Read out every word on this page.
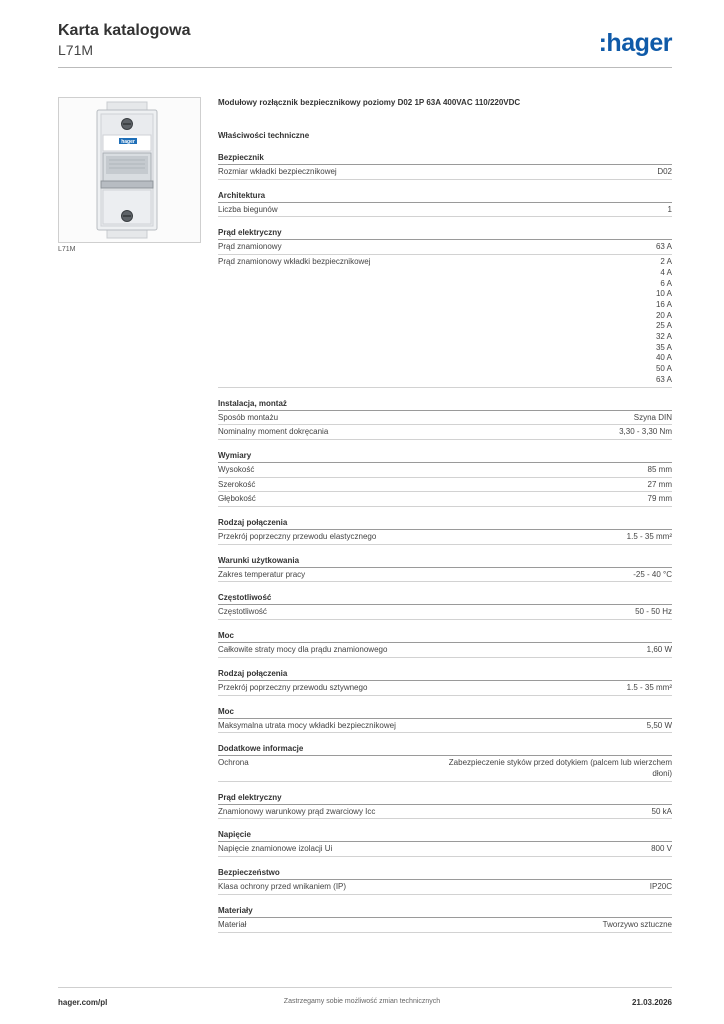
Karta katalogowa
L71M	:hager
hager
L71M
Modułowy rozłącznik bezpiecznikowy poziomy D02 1P 63A 400VAC 110/220VDC
Właściwości techniczne
Bezpiecznik
Rozmiar wkładki bezpiecznikowej	D02
Architektura
Liczba biegunów	1
Prąd elektryczny
Prąd znamionowy	63 A
Prąd znamionowy wkładki bezpiecznikowej	2 A
4 A
6 A
10 A
16 A
20 A
25 A
32 A
35 A
40 A
50 A
63 A
Instalacja, montaż
Sposób montażu	Szyna DIN
Nominalny moment dokręcania	3,30 - 3,30 Nm
Wymiary
Wysokość	85 mm
Szerokość	27 mm
Głębokość	79 mm
Rodzaj połączenia
Przekrój poprzeczny przewodu elastycznego	1.5 - 35 mm²
Warunki użytkowania
Zakres temperatur pracy	-25 - 40 °C
Częstotliwość
Częstotliwość	50 - 50 Hz
Moc
Całkowite straty mocy dla prądu znamionowego	1,60 W
Rodzaj połączenia
Przekrój poprzeczny przewodu sztywnego	1.5 - 35 mm²
Moc
Maksymalna utrata mocy wkładki bezpiecznikowej	5,50 W
Dodatkowe informacje
Ochrona	Zabezpieczenie styków przed dotykiem (palcem lub wierzchem dłoni)
Prąd elektryczny
Znamionowy warunkowy prąd zwarciowy Icc	50 kA
Napięcie
Napięcie znamionowe izolacji Ui	800 V
Bezpieczeństwo
Klasa ochrony przed wnikaniem (IP)	IP20C
Materiały
Materiał	Tworzywo sztuczne
hager.com/pl	Zastrzegamy sobie możliwość zmian technicznych	21.03.2026
